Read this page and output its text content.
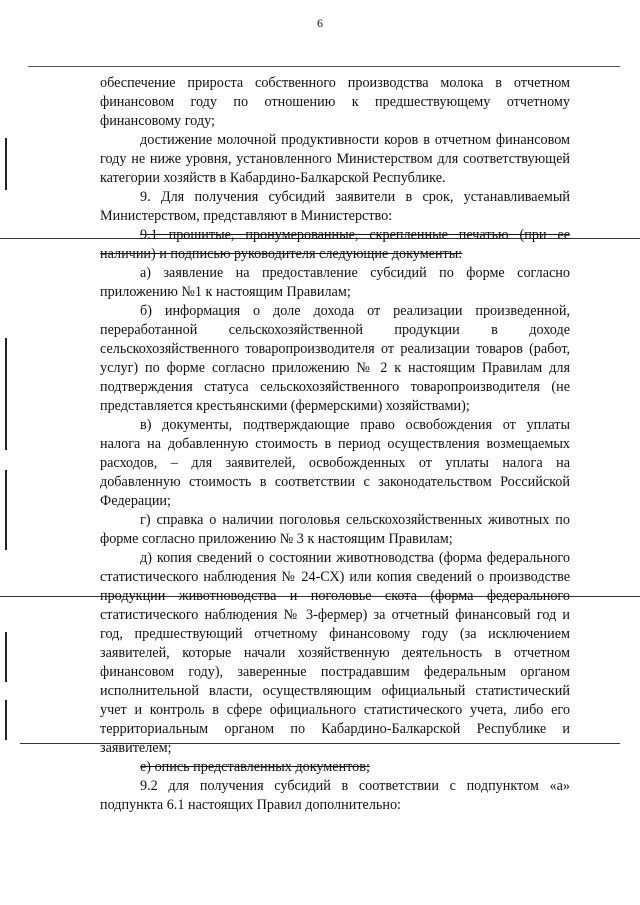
6

обеспечение прироста собственного производства молока в отчетном финансовом году по отношению к предшествующему отчетному финансовому году;

достижение молочной продуктивности коров в отчетном финансовом году не ниже уровня, установленного Министерством для соответствующей категории хозяйств в Кабардино-Балкарской Республике.

9. Для получения субсидий заявители в срок, устанавливаемый Министерством, представляют в Министерство:

9.1 прошитые, пронумерованные, скрепленные печатью (при ее наличии) и подписью руководителя следующие документы:

а) заявление на предоставление субсидий по форме согласно приложению №1 к настоящим Правилам;

б) информация о доле дохода от реализации произведенной, переработанной сельскохозяйственной продукции в доходе сельскохозяйственного товаропроизводителя от реализации товаров (работ, услуг) по форме согласно приложению № 2 к настоящим Правилам для подтверждения статуса сельскохозяйственного товаропроизводителя (не представляется крестьянскими (фермерскими) хозяйствами);

в) документы, подтверждающие право освобождения от уплаты налога на добавленную стоимость в период осуществления возмещаемых расходов, – для заявителей, освобожденных от уплаты налога на добавленную стоимость в соответствии с законодательством Российской Федерации;

г) справка о наличии поголовья сельскохозяйственных животных по форме согласно приложению № 3 к настоящим Правилам;

д) копия сведений о состоянии животноводства (форма федерального статистического наблюдения № 24-СХ) или копия сведений о производстве продукции животноводства и поголовье скота (форма федерального статистического наблюдения № 3-фермер) за отчетный финансовый год и год, предшествующий отчетному финансовому году (за исключением заявителей, которые начали хозяйственную деятельность в отчетном финансовом году), заверенные пострадавшим федеральным органом исполнительной власти, осуществляющим официальный статистический учет и контроль в сфере официального статистического учета, либо его территориальным органом по Кабардино-Балкарской Республике и заявителем;

е) опись представленных документов;

9.2 для получения субсидий в соответствии с подпунктом «а» подпункта 6.1 настоящих Правил дополнительно:
